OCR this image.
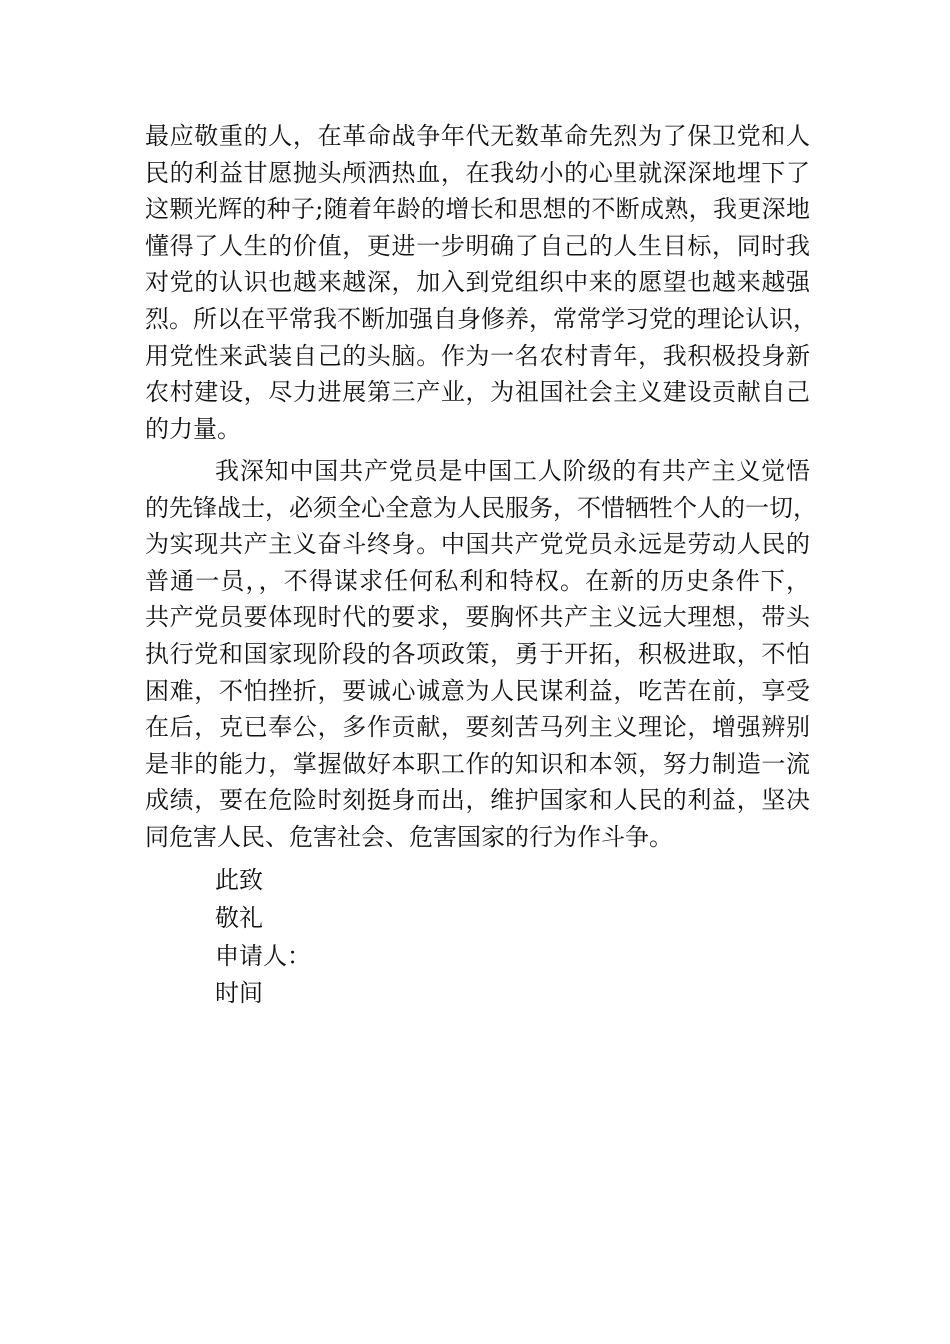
最应敬重的人，在革命战争年代无数革命先烈为了保卫党和人
民的利益甘愿抛头颅洒热血，在我幼小的心里就深深地埋下了
这颗光辉的种子;随着年龄的增长和思想的不断成熟，我更深地
懂得了人生的价值，更进一步明确了自己的人生目标，同时我
对党的认识也越来越深，加入到党组织中来的愿望也越来越强
烈。所以在平常我不断加强自身修养，常常学习党的理论认识，
用党性来武装自己的头脑。作为一名农村青年，我积极投身新
农村建设，尽力进展第三产业，为祖国社会主义建设贡献自己
的力量。
我深知中国共产党员是中国工人阶级的有共产主义觉悟
的先锋战士，必须全心全意为人民服务，不惜牺牲个人的一切，
为实现共产主义奋斗终身。中国共产党党员永远是劳动人民的
普通一员，，不得谋求任何私利和特权。在新的历史条件下，
共产党员要体现时代的要求，要胸怀共产主义远大理想，带头
执行党和国家现阶段的各项政策，勇于开拓，积极进取，不怕
困难，不怕挫折，要诚心诚意为人民谋利益，吃苦在前，享受
在后，克已奉公，多作贡献，要刻苦马列主义理论，增强辨别
是非的能力，掌握做好本职工作的知识和本领，努力制造一流
成绩，要在危险时刻挺身而出，维护国家和人民的利益，坚决
同危害人民、危害社会、危害国家的行为作斗争。
此致
敬礼
申请人：
时间
